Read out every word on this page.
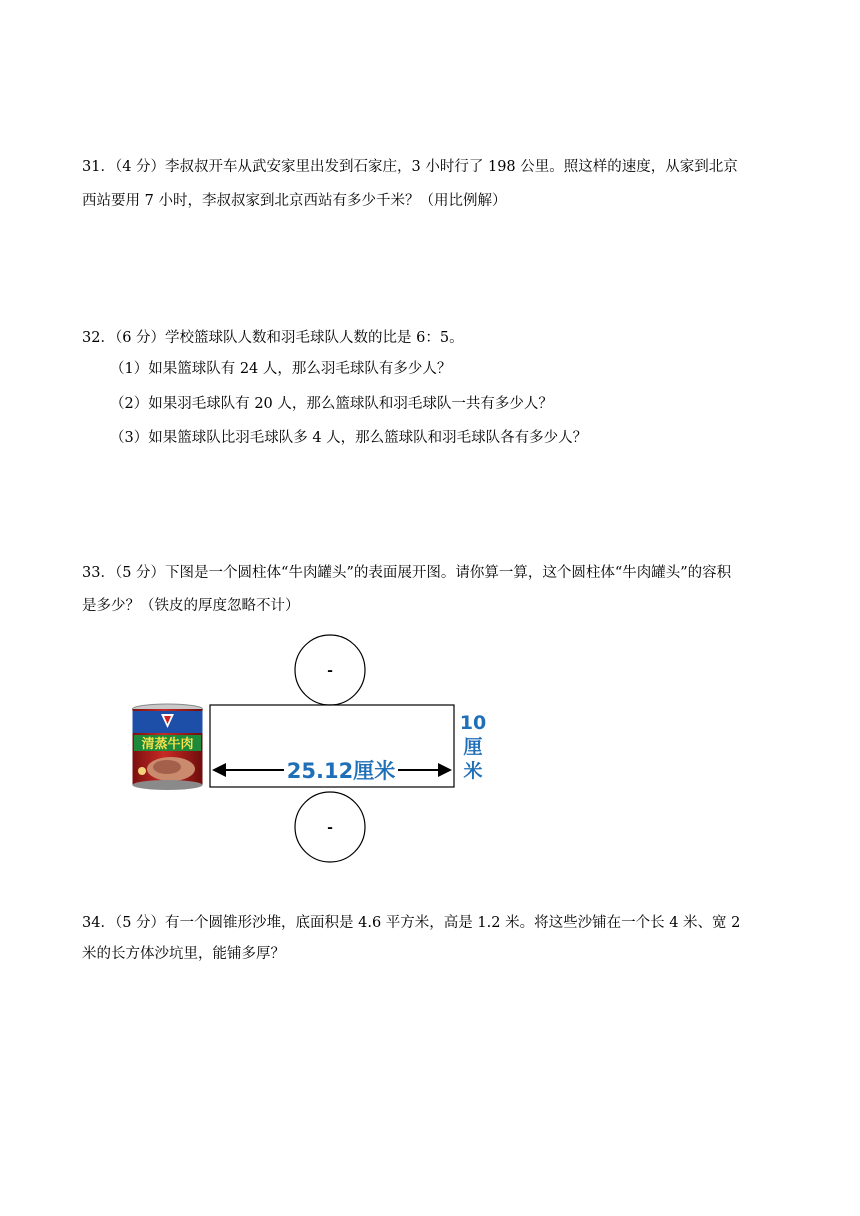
31．（4 分）李叔叔开车从武安家里出发到石家庄，3 小时行了 198 公里。照这样的速度，从家到北京
西站要用 7 小时，李叔叔家到北京西站有多少千米？（用比例解）
32．（6 分）学校篮球队人数和羽毛球队人数的比是 6：5。
（1）如果篮球队有 24 人，那么羽毛球队有多少人？
（2）如果羽毛球队有 20 人，那么篮球队和羽毛球队一共有多少人？
（3）如果篮球队比羽毛球队多 4 人，那么篮球队和羽毛球队各有多少人？
33．（5 分）下图是一个圆柱体“牛肉罐头”的表面展开图。请你算一算，这个圆柱体“牛肉罐头”的容积
是多少？（铁皮的厚度忽略不计）
-
-
25.12厘米
10
厘
米
清蒸牛肉
34．（5 分）有一个圆锥形沙堆，底面积是 4.6 平方米，高是 1.2 米。将这些沙铺在一个长 4 米、宽 2
米的长方体沙坑里，能铺多厚？
